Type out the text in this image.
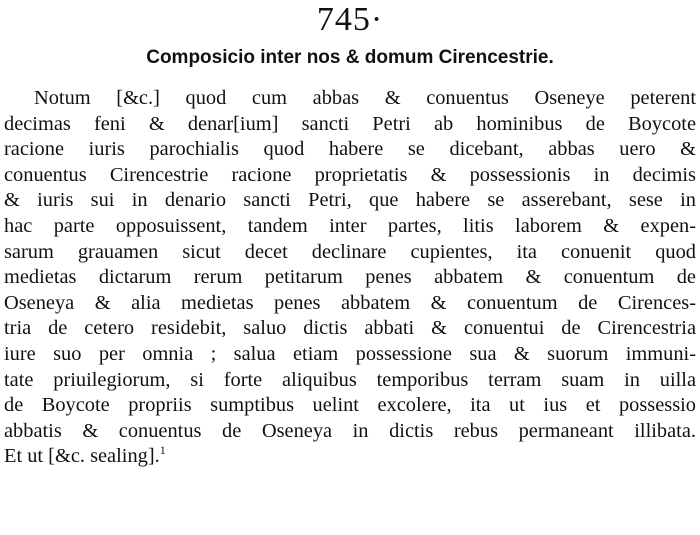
745·
Composicio inter nos & domum Cirencestrie.
Notum [&c.] quod cum abbas & conuentus Oseneye peterent
decimas feni & denar[ium] sancti Petri ab hominibus de Boycote
racione iuris parochialis quod habere se dicebant, abbas uero &
conuentus Cirencestrie racione proprietatis & possessionis in decimis
& iuris sui in denario sancti Petri, que habere se asserebant, sese in
hac parte opposuissent, tandem inter partes, litis laborem & expen-
sarum grauamen sicut decet declinare cupientes, ita conuenit quod
medietas dictarum rerum petitarum penes abbatem & conuentum de
Oseneya & alia medietas penes abbatem & conuentum de Cirences-
tria de cetero residebit, saluo dictis abbati & conuentui de Cirencestria
iure suo per omnia ; salua etiam possessione sua & suorum immuni-
tate priuilegiorum, si forte aliquibus temporibus terram suam in uilla
de Boycote propriis sumptibus uelint excolere, ita ut ius et possessio
abbatis & conuentus de Oseneya in dictis rebus permaneant illibata.
Et ut [&c. sealing].$^1$
